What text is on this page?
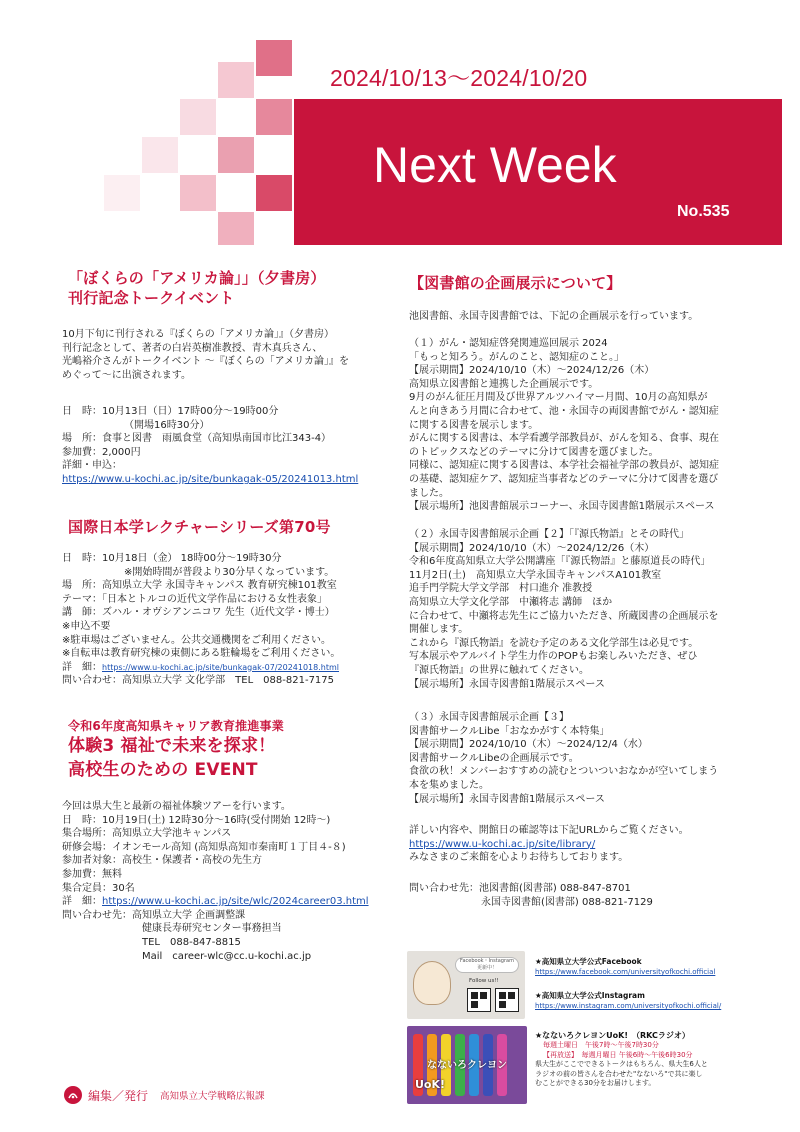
2024/10/13～2024/10/20
Next Week
No.535
「ぼくらの「アメリカ論」」（夕書房）
刊行記念トークイベント
10月下旬に刊行される『ぼくらの「アメリカ論」』（夕書房）
刊行記念として、著者の白岩英樹准教授、青木真兵さん、
光嶋裕介さんがトークイベント ～『ぼくらの「アメリカ論」』を
めぐって～に出演されます。
日　時：10月13日（日）17時00分～19時00分
（開場16時30分）
場　所：食事と図書　雨風食堂（高知県南国市比江343-4）
参加費：2,000円
詳細・申込：
https://www.u-kochi.ac.jp/site/bunkagak-05/20241013.html
国際日本学レクチャーシリーズ第70号
日　時：10月18日（金） 18時00分～19時30分
※開始時間が普段より30分早くなっています。
場　所：高知県立大学 永国寺キャンパス 教育研究棟101教室
テーマ：「日本とトルコの近代文学作品における女性表象」
講　師：ズハル・オヴシアンニコワ 先生（近代文学・博士）
※申込不要
※駐車場はございません。公共交通機関をご利用ください。
※自転車は教育研究棟の東側にある駐輪場をご利用ください。
詳　細：https://www.u-kochi.ac.jp/site/bunkagak-07/20241018.html
問い合わせ：高知県立大学 文化学部　TEL　088-821-7175
令和6年度高知県キャリア教育推進事業
体験3 福祉で未来を探求！
高校生のための EVENT
今回は県大生と最新の福祉体験ツアーを行います。
日　時：10月19日(土) 12時30分～16時(受付開始 12時～)
集合場所：高知県立大学池キャンパス
研修会場：イオンモール高知 (高知県高知市秦南町１丁目４-８)
参加者対象：高校生・保護者・高校の先生方
参加費：無料
集合定員：30名
詳　細：https://www.u-kochi.ac.jp/site/wlc/2024career03.html
問い合わせ先：高知県立大学 企画調整課
健康長寿研究センター事務担当
TEL　088-847-8815
Mail　career-wlc@cc.u-kochi.ac.jp
【図書館の企画展示について】
池図書館、永国寺図書館では、下記の企画展示を行っています。
（１）がん・認知症啓発関連巡回展示 2024
「もっと知ろう。がんのこと、認知症のこと。」
【展示期間】2024/10/10（木）～2024/12/26（木）
高知県立図書館と連携した企画展示です。
9月のがん征圧月間及び世界アルツハイマー月間、10月の高知県が
んと向きあう月間に合わせて、池・永国寺の両図書館でがん・認知症
に関する図書を展示します。
がんに関する図書は、本学看護学部教員が、がんを知る、食事、現在
のトピックスなどのテーマに分けて図書を選びました。
同様に、認知症に関する図書は、本学社会福祉学部の教員が、認知症
の基礎、認知症ケア、認知症当事者などのテーマに分けて図書を選び
ました。
【展示場所】池図書館展示コーナー、永国寺図書館1階展示スペース
（２）永国寺図書館展示企画【２】「『源氏物語』とその時代」
【展示期間】2024/10/10（木）～2024/12/26（木）
令和6年度高知県立大学公開講座「『源氏物語』と藤原道長の時代」
11月2日(土)　高知県立大学永国寺キャンパスA101教室
追手門学院大学文学部　村口進介 准教授
高知県立大学文化学部　中瀬将志 講師　ほか
に合わせて、中瀬将志先生にご協力いただき、所蔵図書の企画展示を
開催します。
これから『源氏物語』を読む予定のある文化学部生は必見です。
写本展示やアルバイト学生力作のPOPもお楽しみいただき、ぜひ
『源氏物語』の世界に触れてください。
【展示場所】永国寺図書館1階展示スペース
（３）永国寺図書館展示企画【３】
図書館サークルLibe「おなかがすく本特集」
【展示期間】2024/10/10（木）～2024/12/4（水）
図書館サークルLibeの企画展示です。
食欲の秋！メンバーおすすめの読むとついついおなかが空いてしまう
本を集めました。
【展示場所】永国寺図書館1階展示スペース
詳しい内容や、開館日の確認等は下記URLからご覧ください。
https://www.u-kochi.ac.jp/site/library/
みなさまのご来館を心よりお待ちしております。
問い合わせ先：池図書館(図書部) 088-847-8701
永国寺図書館(図書部) 088-821-7129
Facebook・Instagram
更新中！
Follow us!!
★高知県立大学公式Facebook
https://www.facebook.com/universityofkochi.official
★高知県立大学公式Instagram
https://www.instagram.com/universityofkochi.official/
なないろクレヨン
UoK!
★なないろクレヨンUoK!　（RKCラジオ）
毎週土曜日　午後7時～午後7時30分
【再放送】　毎週月曜日 午後6時～午後6時30分
県大生がここでできるトークはもちろん、県大生6人と
ラジオの前の皆さんを合わせた"なないろ"で共に楽し
むことができる30分をお届けします。
編集／発行 高知県立大学戦略広報課
